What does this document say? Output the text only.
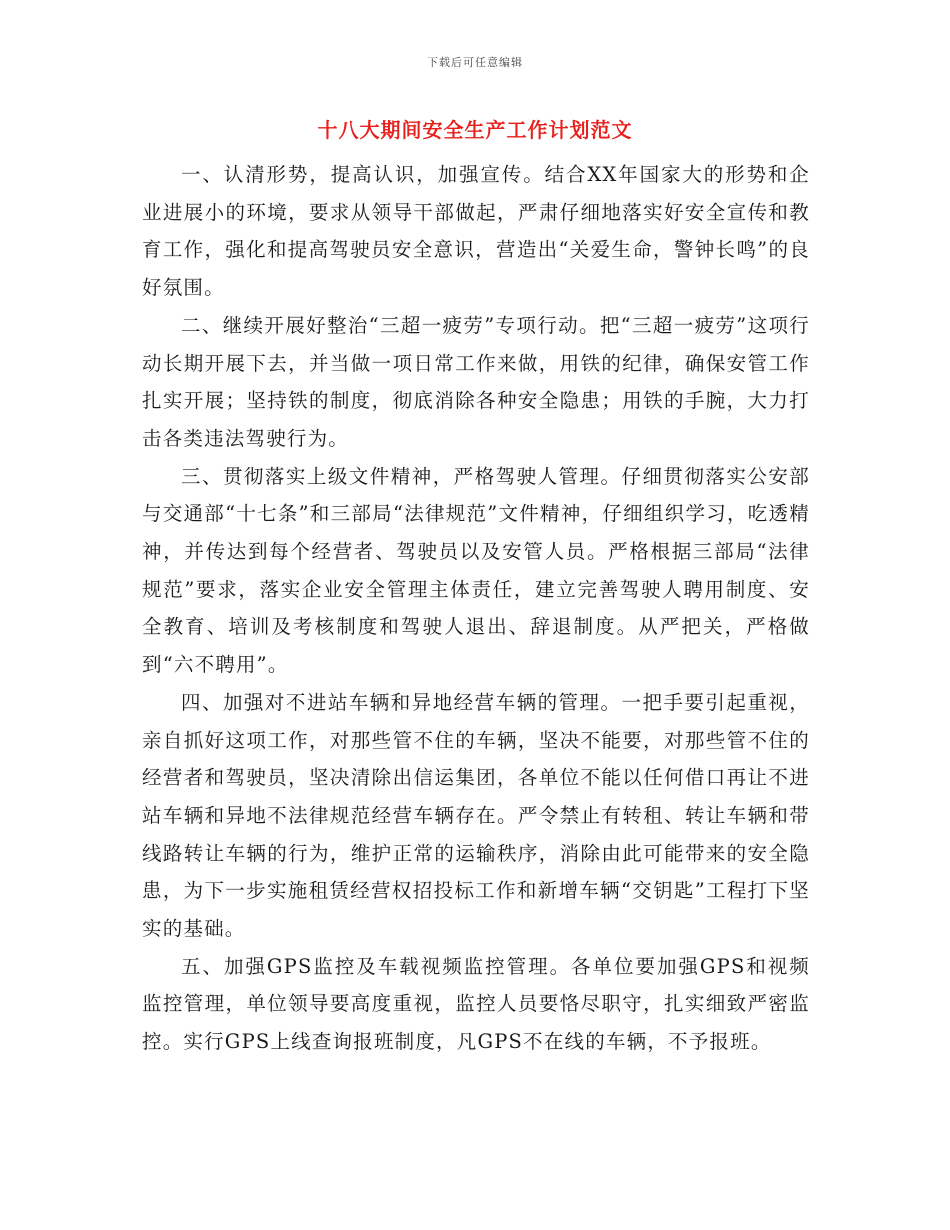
下载后可任意编辑
十八大期间安全生产工作计划范文

一、认清形势，提高认识，加强宣传。结合XX年国家大的形势和企业进展小的环境，要求从领导干部做起，严肃仔细地落实好安全宣传和教育工作，强化和提高驾驶员安全意识，营造出“关爱生命，警钟长鸣”的良好氛围。

二、继续开展好整治“三超一疲劳”专项行动。把“三超一疲劳”这项行动长期开展下去，并当做一项日常工作来做，用铁的纪律，确保安管工作扎实开展；坚持铁的制度，彻底消除各种安全隐患；用铁的手腕，大力打击各类违法驾驶行为。

三、贯彻落实上级文件精神，严格驾驶人管理。仔细贯彻落实公安部与交通部“十七条”和三部局“法律规范”文件精神，仔细组织学习，吃透精神，并传达到每个经营者、驾驶员以及安管人员。严格根据三部局“法律规范”要求，落实企业安全管理主体责任，建立完善驾驶人聘用制度、安全教育、培训及考核制度和驾驶人退出、辞退制度。从严把关，严格做到“六不聘用”。

四、加强对不进站车辆和异地经营车辆的管理。一把手要引起重视，亲自抓好这项工作，对那些管不住的车辆，坚决不能要，对那些管不住的经营者和驾驶员，坚决清除出信运集团，各单位不能以任何借口再让不进站车辆和异地不法律规范经营车辆存在。严令禁止有转租、转让车辆和带线路转让车辆的行为，维护正常的运输秩序，消除由此可能带来的安全隐患，为下一步实施租赁经营权招投标工作和新增车辆“交钥匙”工程打下坚实的基础。

五、加强GPS监控及车载视频监控管理。各单位要加强GPS和视频监控管理，单位领导要高度重视，监控人员要恪尽职守，扎实细致严密监控。实行GPS上线查询报班制度，凡GPS不在线的车辆，不予报班。
